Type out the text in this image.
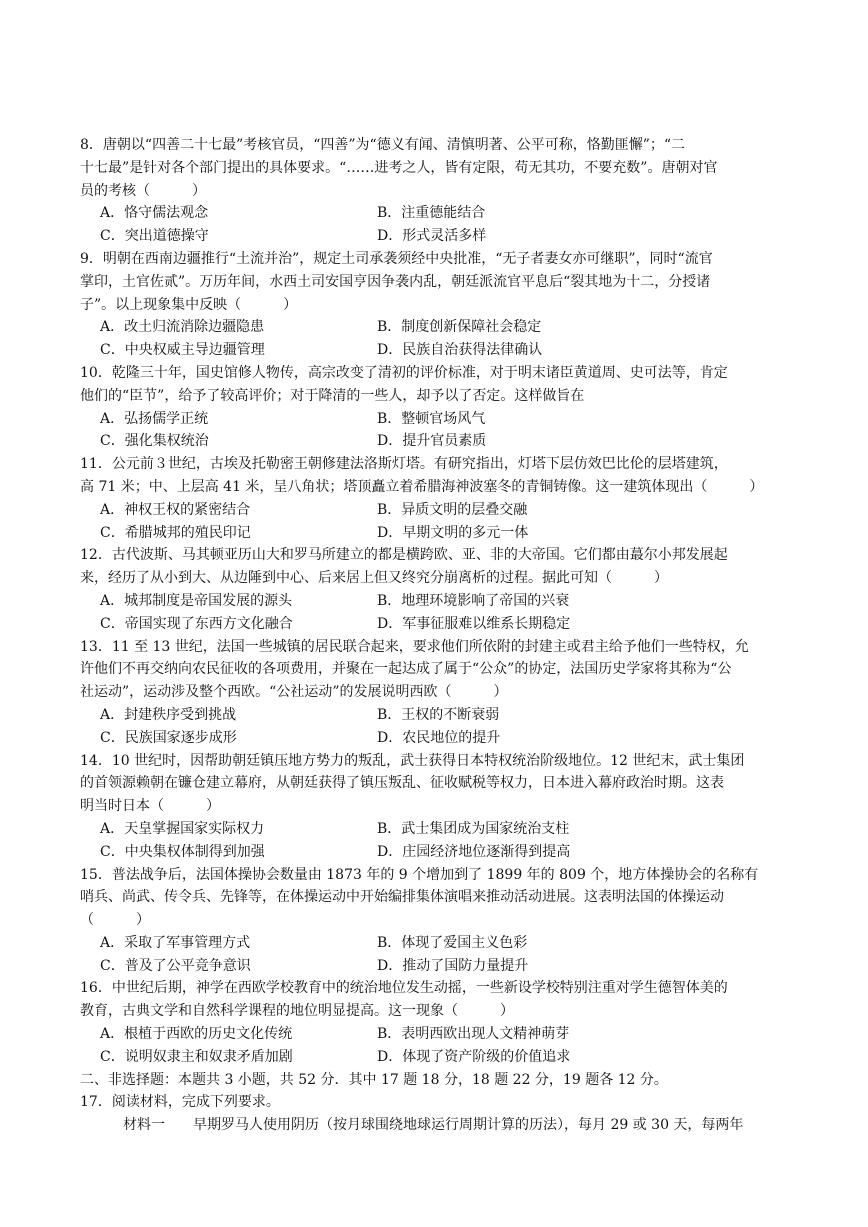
8．唐朝以“四善二十七最”考核官员，“四善”为“德义有闻、清慎明著、公平可称，恪勤匪懈”；“二

十七最”是针对各个部门提出的具体要求。“……进考之人，皆有定限，苟无其功，不要充数”。唐朝对官

员的考核（　　　）

A．恪守儒法观念	B．注重德能结合
C．突出道德操守	D．形式灵活多样

9．明朝在西南边疆推行“土流并治”，规定土司承袭须经中央批准，“无子者妻女亦可继职”，同时“流官

掌印，土官佐贰”。万历年间，水西土司安国亨因争袭内乱，朝廷派流官平息后“裂其地为十二，分授诸

子”。以上现象集中反映（　　　）

A．改土归流消除边疆隐患	B．制度创新保障社会稳定
C．中央权威主导边疆管理	D．民族自治获得法律确认

10．乾隆三十年，国史馆修人物传，高宗改变了清初的评价标准，对于明末诸臣黄道周、史可法等，肯定

他们的“臣节”，给予了较高评价；对于降清的一些人，却予以了否定。这样做旨在

A．弘扬儒学正统	B．整顿官场风气
C．强化集权统治	D．提升官员素质

11．公元前３世纪，古埃及托勒密王朝修建法洛斯灯塔。有研究指出，灯塔下层仿效巴比伦的层塔建筑，

高 71 米；中、上层高 41 米，呈八角状；塔顶矗立着希腊海神波塞冬的青铜铸像。这一建筑体现出（　　　）

A．神权王权的紧密结合	B．异质文明的层叠交融
C．希腊城邦的殖民印记	D．早期文明的多元一体

12．古代波斯、马其顿亚历山大和罗马所建立的都是横跨欧、亚、非的大帝国。它们都由蕞尔小邦发展起

来，经历了从小到大、从边陲到中心、后来居上但又终究分崩离析的过程。据此可知（　　　）

A．城邦制度是帝国发展的源头	B．地理环境影响了帝国的兴衰
C．帝国实现了东西方文化融合	D．军事征服难以维系长期稳定

13．11 至 13 世纪，法国一些城镇的居民联合起来，要求他们所依附的封建主或君主给予他们一些特权，允

许他们不再交纳向农民征收的各项费用，并聚在一起达成了属于“公众”的协定，法国历史学家将其称为“公

社运动”，运动涉及整个西欧。“公社运动”的发展说明西欧（　　　）

A．封建秩序受到挑战	B．王权的不断衰弱
C．民族国家逐步成形	D．农民地位的提升

14．10 世纪时，因帮助朝廷镇压地方势力的叛乱，武士获得日本特权统治阶级地位。12 世纪末，武士集团

的首领源赖朝在镰仓建立幕府，从朝廷获得了镇压叛乱、征收赋税等权力，日本进入幕府政治时期。这表

明当时日本（　　　）

A．天皇掌握国家实际权力	B．武士集团成为国家统治支柱
C．中央集权体制得到加强	D．庄园经济地位逐渐得到提高

15．普法战争后，法国体操协会数量由 1873 年的 9 个增加到了 1899 年的 809 个，地方体操协会的名称有

哨兵、尚武、传令兵、先锋等，在体操运动中开始编排集体演唱来推动活动进展。这表明法国的体操运动

（　　　）

A．采取了军事管理方式	B．体现了爱国主义色彩
C．普及了公平竞争意识	D．推动了国防力量提升

16．中世纪后期，神学在西欧学校教育中的统治地位发生动摇，一些新设学校特别注重对学生德智体美的

教育，古典文学和自然科学课程的地位明显提高。这一现象（　　　）

A．根植于西欧的历史文化传统	B．表明西欧出现人文精神萌芽
C．说明奴隶主和奴隶矛盾加剧	D．体现了资产阶级的价值追求

二、非选择题：本题共 3 小题，共 52 分．其中 17 题 18 分，18 题 22 分，19 题各 12 分。

17．阅读材料，完成下列要求。

材料一　　早期罗马人使用阴历（按月球围绕地球运行周期计算的历法），每月 29 或 30 天，每两年
